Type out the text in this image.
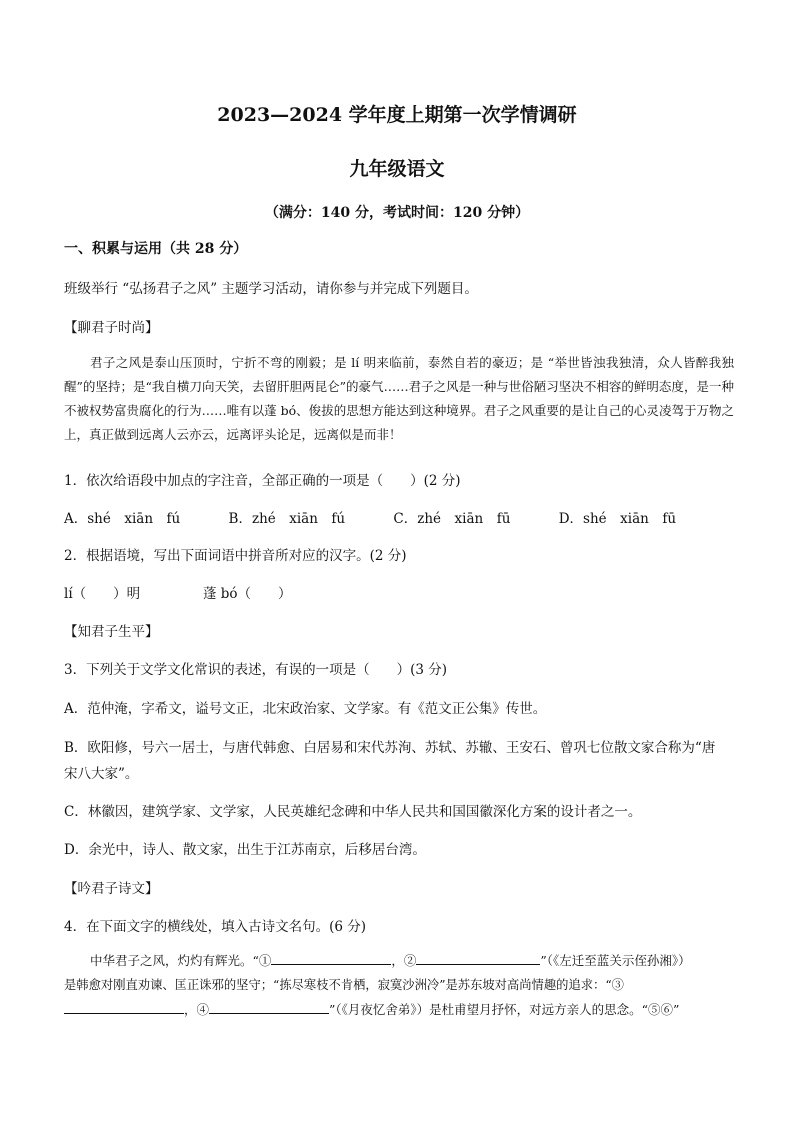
2023—2024 学年度上期第一次学情调研
九年级语文
（满分：140 分，考试时间：120 分钟）
一、积累与运用（共 28 分）
班级举行 “弘扬君子之风” 主题学习活动，请你参与并完成下列题目。
【聊君子时尚】
君子之风是泰山压顶时，宁折不弯的刚毅；是 lí 明来临前，泰然自若的豪迈；是 “举世皆浊我独清，众人皆醉我独醒”的坚持；是“我自横刀向天笑，去留肝胆两昆仑”的豪气……君子之风是一种与世俗陋习坚决不相容的鲜明态度，是一种不被权势富贵腐化的行为……唯有以蓬 bó、俊拔的思想方能达到这种境界。君子之风重要的是让自己的心灵凌驾于万物之上，真正做到远离人云亦云，远离评头论足，远离似是而非！
1．依次给语段中加点的字注音，全部正确的一项是（　　）(2 分)
A．shé　xiān　fú	B．zhé　xiān　fú	C．zhé　xiān　fū	D．shé　xiān　fū
2．根据语境，写出下面词语中拼音所对应的汉字。(2 分)
lí（　　）明	蓬 bó（　　）
【知君子生平】
3．下列关于文学文化常识的表述，有误的一项是（　　）(3 分)
A．范仲淹，字希文，谥号文正，北宋政治家、文学家。有《范文正公集》传世。
B．欧阳修，号六一居士，与唐代韩愈、白居易和宋代苏洵、苏轼、苏辙、王安石、曾巩七位散文家合称为“唐
宋八大家”。
C．林徽因，建筑学家、文学家，人民英雄纪念碑和中华人民共和国国徽深化方案的设计者之一。
D．余光中，诗人、散文家，出生于江苏南京，后移居台湾。
【吟君子诗文】
4．在下面文字的横线处，填入古诗文名句。(6 分)
中华君子之风，灼灼有辉光。“①	，②	”（《左迁至蓝关示侄孙湘》）
是韩愈对刚直劝谏、匡正诛邪的坚守；“拣尽寒枝不肯栖，寂寞沙洲冷”是苏东坡对高尚情趣的追求：“③
，④	”（《月夜忆舍弟》）是杜甫望月抒怀，对远方亲人的思念。“⑤⑥”
